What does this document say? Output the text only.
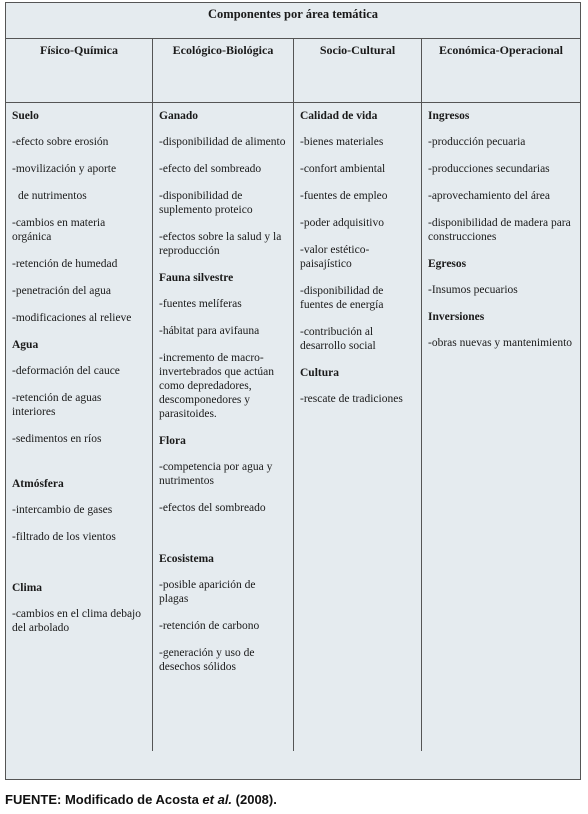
Componentes por área temática
Físico-Química
Suelo
-efecto sobre erosión
-movilización y aporte
de nutrimentos
-cambios en materia orgánica
-retención de humedad
-penetración del agua
-modificaciones al relieve
Agua
-deformación del cauce
-retención de aguas interiores
-sedimentos en ríos
Atmósfera
-intercambio de gases
-filtrado de los vientos
Clima
-cambios en el clima debajo del arbolado
Ecológico-Biológica
Ganado
-disponibilidad de alimento
-efecto del sombreado
-disponibilidad de suplemento proteico
-efectos sobre la salud y la reproducción
Fauna silvestre
-fuentes melíferas
-hábitat para avifauna
-incremento de macro-invertebrados que actúan como depredadores, descomponedores y parasitoides.
Flora
-competencia por agua y nutrimentos
-efectos del sombreado
Ecosistema
-posible aparición de plagas
-retención de carbono
-generación y uso de desechos sólidos
Socio-Cultural
Calidad de vida
-bienes materiales
-confort ambiental
-fuentes de empleo
-poder adquisitivo
-valor estético-paisajístico
-disponibilidad de fuentes de energía
-contribución al desarrollo social
Cultura
-rescate de tradiciones
Económica-Operacional
Ingresos
-producción pecuaria
-producciones secundarias
-aprovechamiento del área
-disponibilidad de madera para construcciones
Egresos
-Insumos pecuarios
Inversiones
-obras nuevas y mantenimiento
FUENTE: Modificado de Acosta et al. (2008).
